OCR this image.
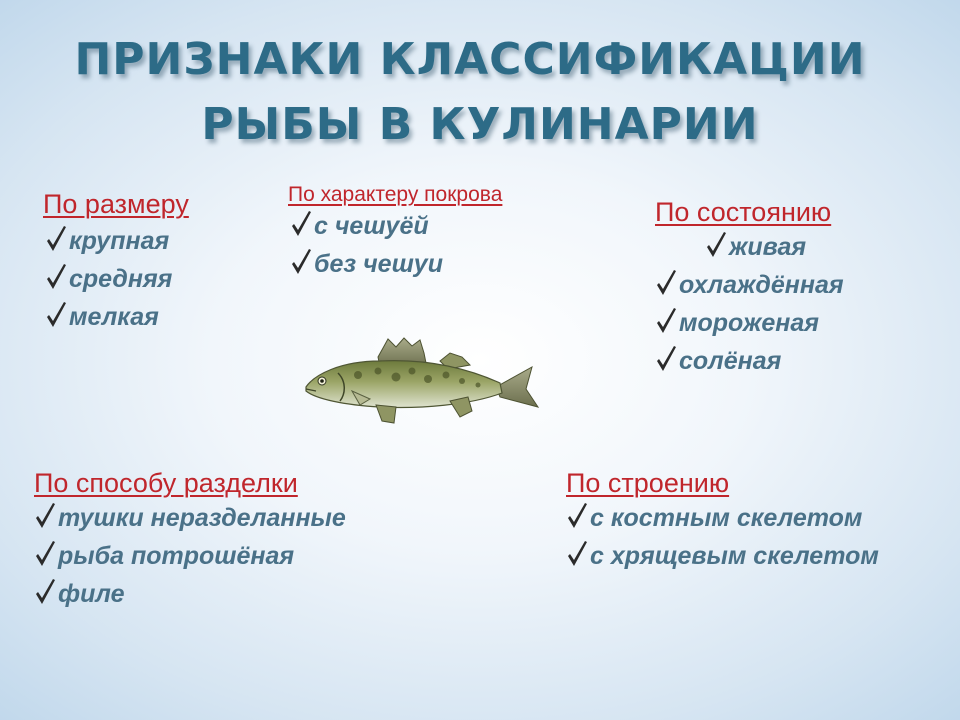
ПРИЗНАКИ КЛАССИФИКАЦИИ
РЫБЫ В КУЛИНАРИИ
По размеру
крупная
средняя
мелкая
По характеру покрова
с чешуёй
без чешуи
По состоянию
живая
охлаждённая
мороженая
солёная
По способу разделки
тушки неразделанные
рыба потрошёная
филе
По строению
с костным скелетом
с хрящевым скелетом
